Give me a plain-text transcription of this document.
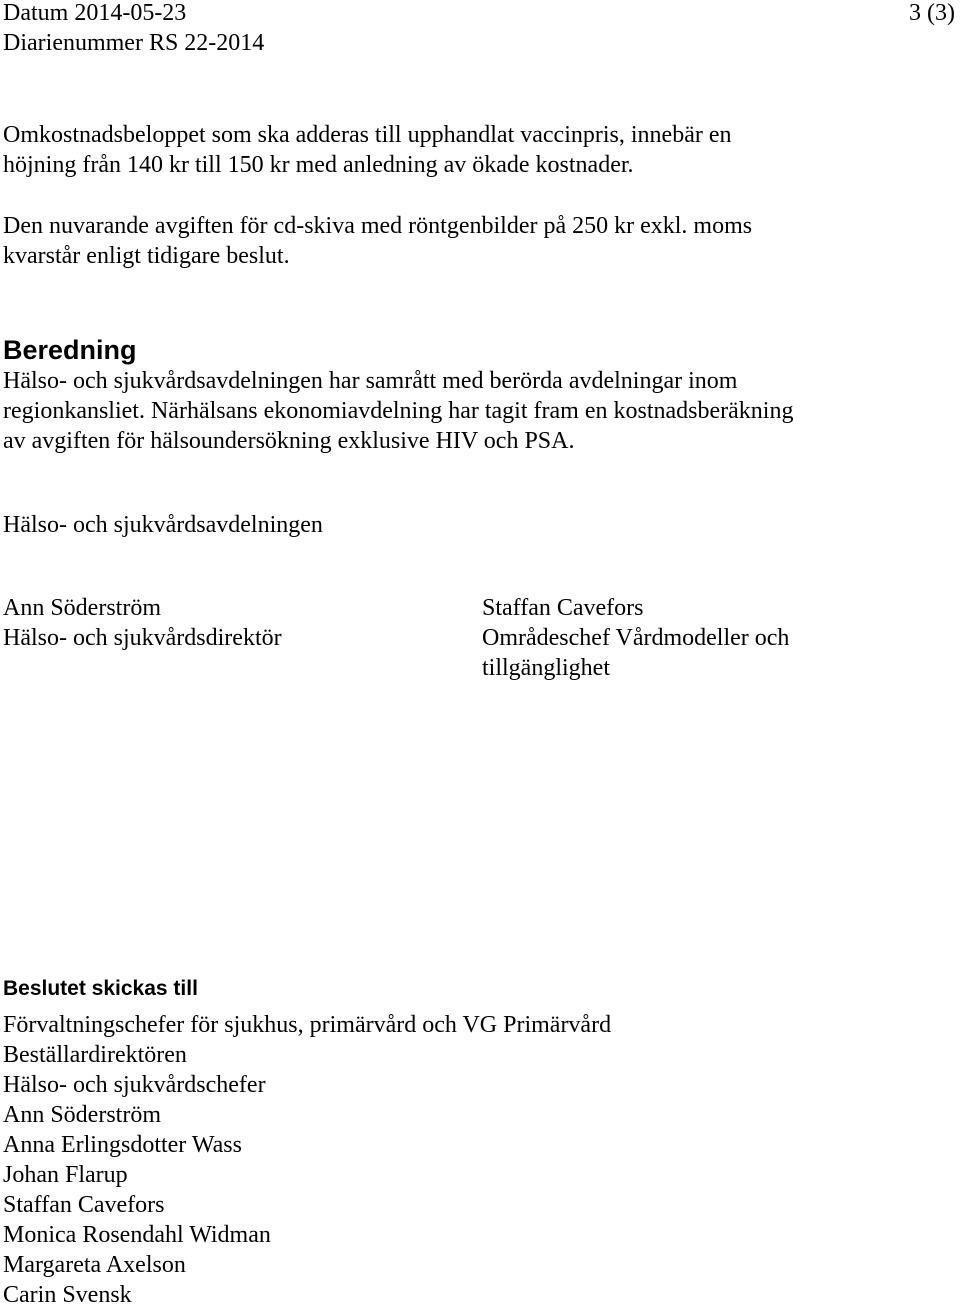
Datum 2014-05-23
Diarienummer RS 22-2014
3 (3)
Omkostnadsbeloppet som ska adderas till upphandlat vaccinpris, innebär en
höjning från 140 kr till 150 kr med anledning av ökade kostnader.
Den nuvarande avgiften för cd-skiva med röntgenbilder på 250 kr exkl. moms
kvarstår enligt tidigare beslut.
Beredning
Hälso- och sjukvårdsavdelningen har samrått med berörda avdelningar inom
regionkansliet. Närhälsans ekonomiavdelning har tagit fram en kostnadsberäkning
av avgiften för hälsoundersökning exklusive HIV och PSA.
Hälso- och sjukvårdsavdelningen
Ann Söderström
Hälso- och sjukvårdsdirektör
Staffan Cavefors
Områdeschef Vårdmodeller och
tillgänglighet
Beslutet skickas till
Förvaltningschefer för sjukhus, primärvård och VG Primärvård
Beställardirektören
Hälso- och sjukvårdschefer
Ann Söderström
Anna Erlingsdotter Wass
Johan Flarup
Staffan Cavefors
Monica Rosendahl Widman
Margareta Axelson
Carin Svensk
